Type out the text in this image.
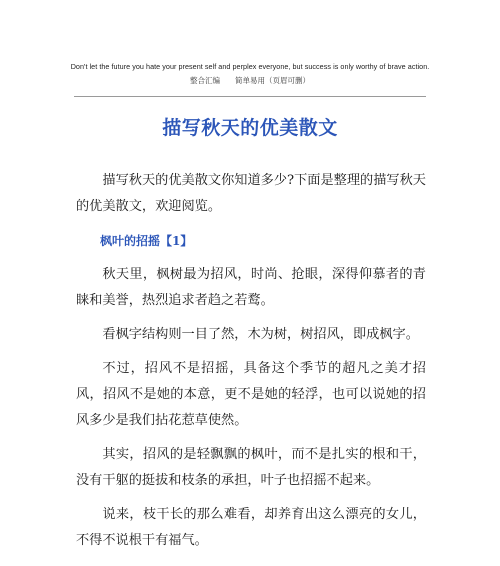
Don't let the future you hate your present self and perplex everyone, but success is only worthy of brave action.
整合汇编　　简单易用（页眉可删）
描写秋天的优美散文

描写秋天的优美散文你知道多少?下面是整理的描写秋天的优美散文，欢迎阅览。

枫叶的招摇【1】

秋天里，枫树最为招风，时尚、抢眼，深得仰慕者的青睐和美誉，热烈追求者趋之若鹜。

看枫字结构则一目了然，木为树，树招风，即成枫字。

不过，招风不是招摇，具备这个季节的超凡之美才招风，招风不是她的本意，更不是她的轻浮，也可以说她的招风多少是我们拈花惹草使然。

其实，招风的是轻飘飘的枫叶，而不是扎实的根和干，没有干躯的挺拔和枝条的承担，叶子也招摇不起来。

说来，枝干长的那么难看，却养育出这么漂亮的女儿，不得不说根干有福气。
